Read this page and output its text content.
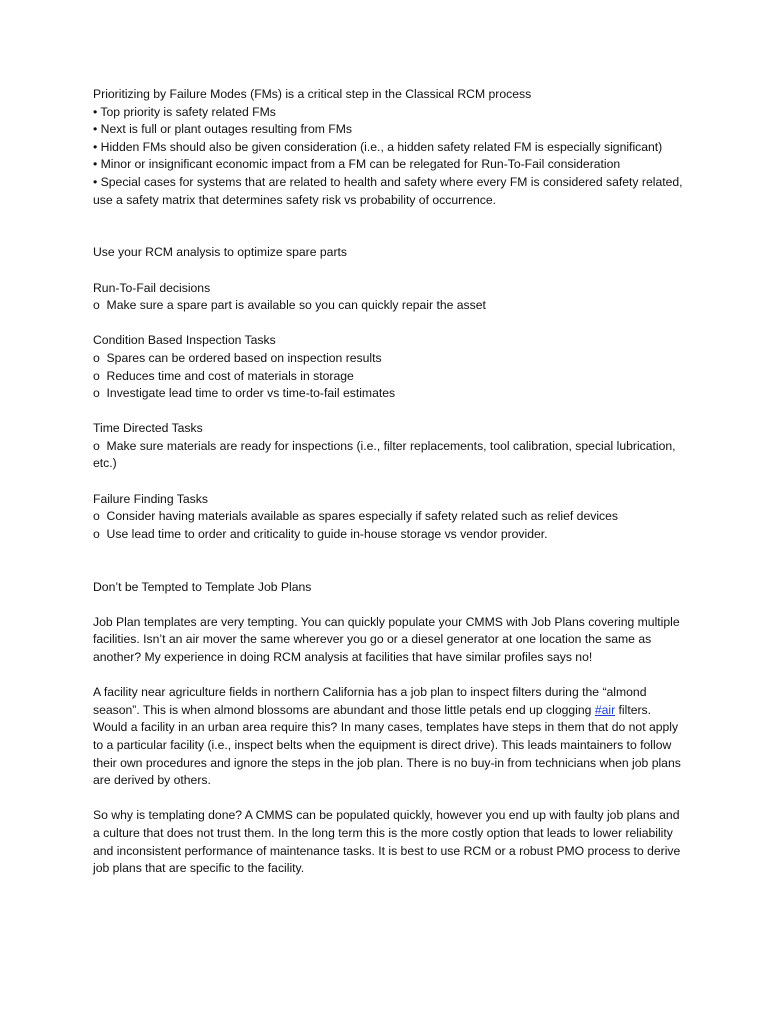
Prioritizing by Failure Modes (FMs) is a critical step in the Classical RCM process
• Top priority is safety related FMs
• Next is full or plant outages resulting from FMs
• Hidden FMs should also be given consideration (i.e., a hidden safety related FM is especially significant)
• Minor or insignificant economic impact from a FM can be relegated for Run-To-Fail consideration
• Special cases for systems that are related to health and safety where every FM is considered safety related, use a safety matrix that determines safety risk vs probability of occurrence.
Use your RCM analysis to optimize spare parts
Run-To-Fail decisions
o  Make sure a spare part is available so you can quickly repair the asset
Condition Based Inspection Tasks
o  Spares can be ordered based on inspection results
o  Reduces time and cost of materials in storage
o  Investigate lead time to order vs time-to-fail estimates
Time Directed Tasks
o  Make sure materials are ready for inspections (i.e., filter replacements, tool calibration, special lubrication, etc.)
Failure Finding Tasks
o  Consider having materials available as spares especially if safety related such as relief devices
o  Use lead time to order and criticality to guide in-house storage vs vendor provider.
Don’t be Tempted to Template Job Plans
Job Plan templates are very tempting. You can quickly populate your CMMS with Job Plans covering multiple facilities. Isn’t an air mover the same wherever you go or a diesel generator at one location the same as another? My experience in doing RCM analysis at facilities that have similar profiles says no!
A facility near agriculture fields in northern California has a job plan to inspect filters during the “almond season”. This is when almond blossoms are abundant and those little petals end up clogging #air filters. Would a facility in an urban area require this? In many cases, templates have steps in them that do not apply to a particular facility (i.e., inspect belts when the equipment is direct drive). This leads maintainers to follow their own procedures and ignore the steps in the job plan. There is no buy-in from technicians when job plans are derived by others.
So why is templating done? A CMMS can be populated quickly, however you end up with faulty job plans and a culture that does not trust them. In the long term this is the more costly option that leads to lower reliability and inconsistent performance of maintenance tasks. It is best to use RCM or a robust PMO process to derive job plans that are specific to the facility.
